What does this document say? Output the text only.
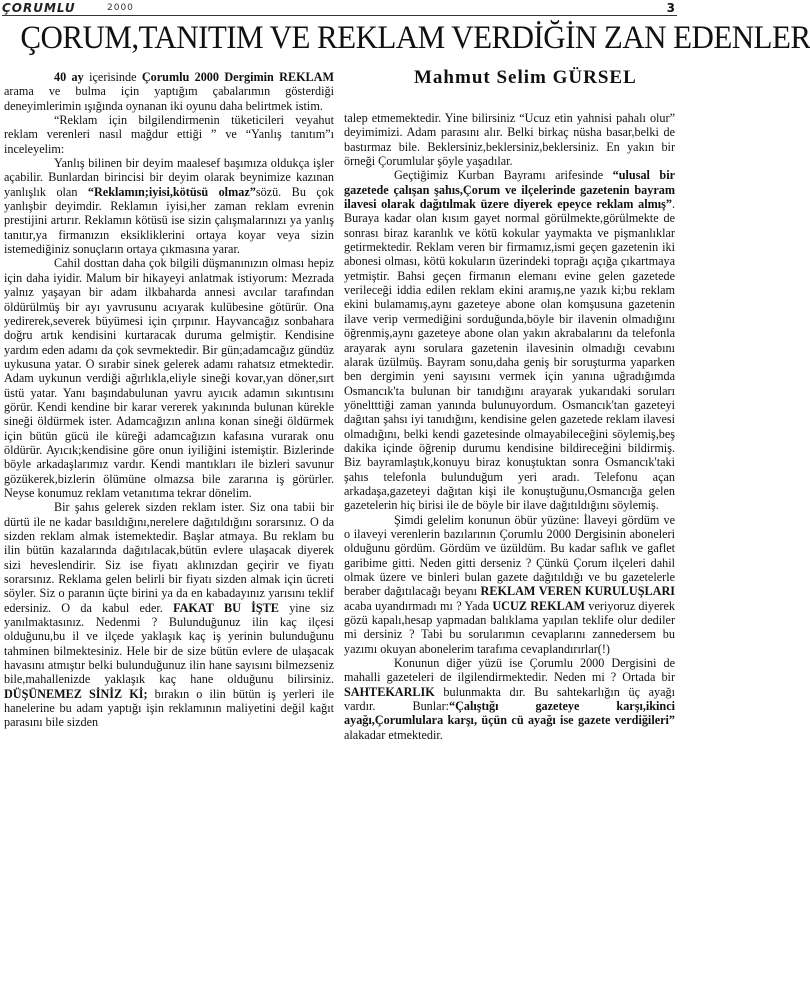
ÇORUMLU	2000	3
ÇORUM,TANITIM VE REKLAM VERDİĞİN ZAN EDENLER
Mahmut Selim GÜRSEL

40 ay içerisinde Çorumlu 2000 Dergimin REKLAM arama ve bulma için yaptığım çabalarımın gösterdiği deneyimlerimin ışığında oynanan iki oyunu daha belirtmek istim.

“Reklam için bilgilendirmenin tüketicileri veyahut reklam verenleri nasıl mağdur ettiği ” ve “Yanlış tanıtım”ı inceleyelim:

Yanlış bilinen bir deyim maalesef başımıza oldukça işler açabilir. Bunlardan birincisi bir deyim olarak beynimize kazınan yanlışlık olan “Reklamın;iyisi,kötüsü olmaz”sözü. Bu çok yanlışbir deyimdir. Reklamın iyisi,her zaman reklam evrenin prestijini artırır. Reklamın kötüsü ise sizin çalışmalarınızı ya yanlış tanıtır,ya firmanızın eksikliklerini ortaya koyar veya sizin istemediğiniz sonuçların ortaya çıkmasına yarar.

Cahil dosttan daha çok bilgili düşmanınızın olması hepiz için daha iyidir. Malum bir hikayeyi anlatmak istiyorum: Mezrada yalnız yaşayan bir adam ilkbaharda annesi avcılar tarafından öldürülmüş bir ayı yavrusunu acıyarak kulübesine götürür. Ona yedirerek,severek büyümesi için çırpınır. Hayvancağız sonbahara doğru artık kendisini kurtaracak duruma gelmiştir. Kendisine yardım eden adamı da çok sevmektedir. Bir gün;adamcağız gündüz uykusuna yatar. O sırabir sinek gelerek adamı rahatsız etmektedir. Adam uykunun verdiği ağırlıkla,eliyle sineği kovar,yan döner,sırt üstü yatar. Yanı başındabulunan yavru ayıcık adamın sıkıntısını görür. Kendi kendine bir karar vererek yakınında bulunan kürekle sineği öldürmek ister. Adamcağızın anlına konan sineği öldürmek için bütün gücü ile küreği adamcağızın kafasına vurarak onu öldürür. Ayıcık;kendisine göre onun iyiliğini istemiştir. Bizlerinde böyle arkadaşlarımız vardır. Kendi mantıkları ile bizleri savunur gözükerek,bizlerin ölümüne olmazsa bile zararına iş görürler. Neyse konumuz reklam vetanıtıma tekrar dönelim.

Bir şahıs gelerek sizden reklam ister. Siz ona tabii bir dürtü ile ne kadar basıldığını,nerelere dağıtıldığını sorarsınız. O da sizden reklam almak istemektedir. Başlar atmaya. Bu reklam bu ilin bütün kazalarında dağıtılacak,bütün evlere ulaşacak diyerek sizi heveslendirir. Siz ise fiyatı aklınızdan geçirir ve fiyatı sorarsınız. Reklama gelen belirli bir fiyatı sizden almak için ücreti söyler. Siz o paranın üçte birini ya da en kabadayınız yarısını teklif edersiniz. O da kabul eder. FAKAT BU İŞTE yine siz yanılmaktasınız. Nedenmi ? Bulunduğunuz ilin kaç ilçesi olduğunu,bu il ve ilçede yaklaşık kaç iş yerinin bulunduğunu tahminen bilmektesiniz. Hele bir de size bütün evlere de ulaşacak havasını atmıştır belki bulunduğunuz ilin hane sayısını bilmezseniz bile,mahallenizde yaklaşık kaç hane olduğunu bilirsiniz. DÜŞÜNEMEZ SİNİZ Kİ; bırakın o ilin bütün iş yerleri ile hanelerine bu adam yaptığı işin reklamının maliyetini değil kağıt parasını bile sizden

talep etmemektedir. Yine bilirsiniz “Ucuz etin yahnisi pahalı olur” deyimimizi. Adam parasını alır. Belki birkaç nüsha basar,belki de bastırmaz bile. Beklersiniz,beklersiniz,beklersiniz. En yakın bir örneği Çorumlular şöyle yaşadılar.

Geçtiğimiz Kurban Bayramı arifesinde “ulusal bir gazetede çalışan şahıs,Çorum ve ilçelerinde gazetenin bayram ilavesi olarak dağıtılmak üzere diyerek epeyce reklam almış”. Buraya kadar olan kısım gayet normal görülmekte,görülmekte de sonrası biraz karanlık ve kötü kokular yaymakta ve pişmanlıklar getirmektedir. Reklam veren bir firmamız,ismi geçen gazetenin iki abonesi olması, kötü kokuların üzerindeki toprağı açığa çıkartmaya yetmiştir. Bahsi geçen firmanın elemanı evine gelen gazetede verileceği iddia edilen reklam ekini aramış,ne yazık ki;bu reklam ekini bulamamış,aynı gazeteye abone olan komşusuna gazetenin ilave verip vermediğini sorduğunda,böyle bir ilavenin olmadığını öğrenmiş,aynı gazeteye abone olan yakın akrabalarını da telefonla arayarak aynı sorulara gazetenin ilavesinin olmadığı cevabını alarak üzülmüş. Bayram sonu,daha geniş bir soruşturma yaparken ben dergimin yeni sayısını vermek için yanına uğradığımda Osmancık'ta bulunan bir tanıdığını arayarak yukarıdaki soruları yöneltttiği zaman yanında bulunuyordum. Osmancık'tan gazeteyi dağıtan şahsı iyi tanıdığını, kendisine gelen gazetede reklam ilavesi olmadığını, belki kendi gazetesinde olmayabileceğini söylemiş,beş dakika içinde öğrenip durumu kendisine bildireceğini bildirmiş. Biz bayramlaştık,konuyu biraz konuştuktan sonra Osmancık'taki şahıs telefonla bulunduğum yeri aradı. Telefonu açan arkadaşa,gazeteyi dağıtan kişi ile konuştuğunu,Osmancığa gelen gazetelerin hiç birisi ile de böyle bir ilave dağıtıldığını söylemiş.

Şimdi gelelim konunun öbür yüzüne: İlaveyi gördüm ve o ilaveyi verenlerin bazılarının Çorumlu 2000 Dergisinin aboneleri olduğunu gördüm. Gördüm ve üzüldüm. Bu kadar saflık ve gaflet garibime gitti. Neden gitti derseniz ? Çünkü Çorum ilçeleri dahil olmak üzere ve binleri bulan gazete dağıtıldığı ve bu gazetelerle beraber dağıtılacağı beyanı REKLAM VEREN KURULUŞLARI acaba uyandırmadı mı ? Yada UCUZ REKLAM veriyoruz diyerek gözü kapalı,hesap yapmadan balıklama yapılan teklife olur dediler mi dersiniz ? Tabi bu sorularımın cevaplarını zannedersem bu yazımı okuyan abonelerim tarafıma cevaplandırırlar(!)

Konunun diğer yüzü ise Çorumlu 2000 Dergisini de mahalli gazeteleri de ilgilendirmektedir. Neden mi ? Ortada bir SAHTEKARLIK bulunmakta dır. Bu sahtekarlığın üç ayağı vardır. Bunlar:“Çalıştığı gazeteye karşı,ikinci ayağı,Çorumlulara karşı, üçün cü ayağı ise gazete verdiğileri” alakadar etmektedir.
